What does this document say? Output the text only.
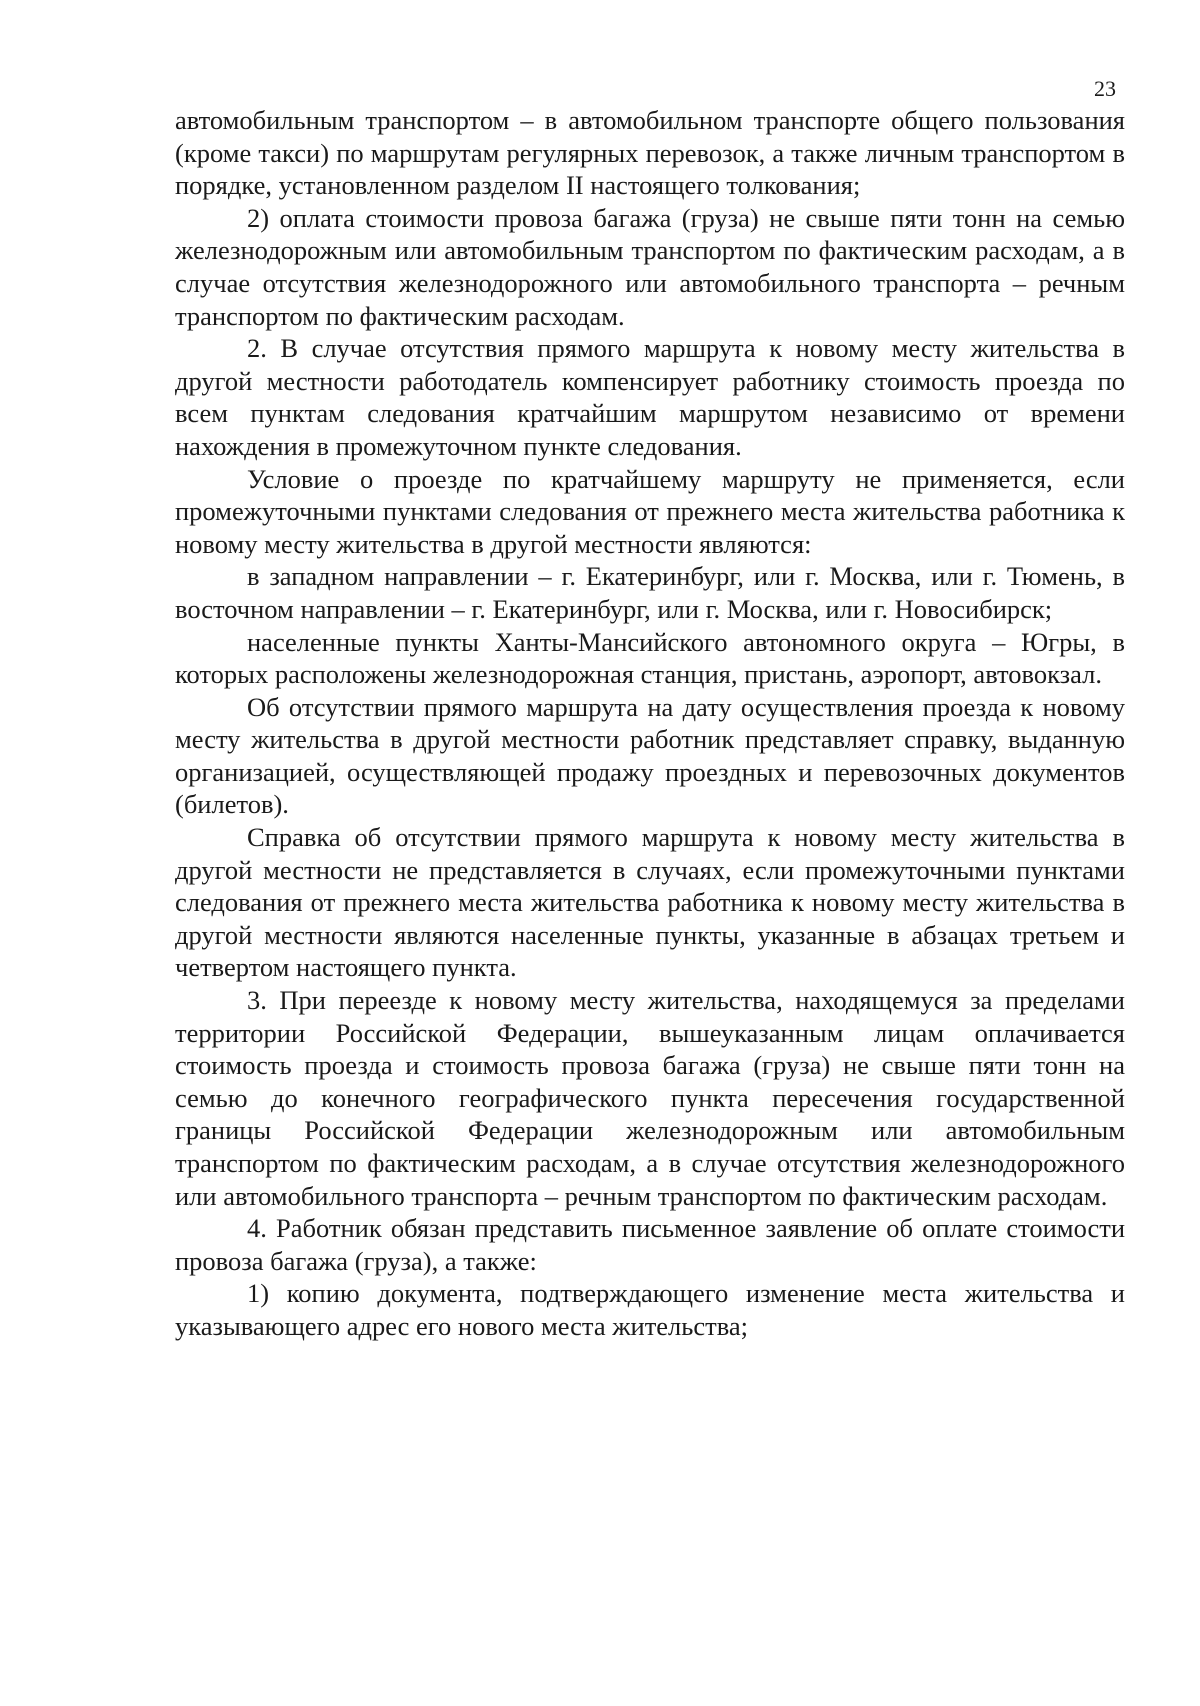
23

автомобильным транспортом – в автомобильном транспорте общего пользования (кроме такси) по маршрутам регулярных перевозок, а также личным транспортом в порядке, установленном разделом II настоящего толкования;

2) оплата стоимости провоза багажа (груза) не свыше пяти тонн на семью железнодорожным или автомобильным транспортом по фактическим расходам, а в случае отсутствия железнодорожного или автомобильного транспорта – речным транспортом по фактическим расходам.

2. В случае отсутствия прямого маршрута к новому месту жительства в другой местности работодатель компенсирует работнику стоимость проезда по всем пунктам следования кратчайшим маршрутом независимо от времени нахождения в промежуточном пункте следования.

Условие о проезде по кратчайшему маршруту не применяется, если промежуточными пунктами следования от прежнего места жительства работника к новому месту жительства в другой местности являются:

в западном направлении – г. Екатеринбург, или г. Москва, или г. Тюмень, в восточном направлении – г. Екатеринбург, или г. Москва, или г. Новосибирск;

населенные пункты Ханты-Мансийского автономного округа – Югры, в которых расположены железнодорожная станция, пристань, аэропорт, автовокзал.

Об отсутствии прямого маршрута на дату осуществления проезда к новому месту жительства в другой местности работник представляет справку, выданную организацией, осуществляющей продажу проездных и перевозочных документов (билетов).

Справка об отсутствии прямого маршрута к новому месту жительства в другой местности не представляется в случаях, если промежуточными пунктами следования от прежнего места жительства работника к новому месту жительства в другой местности являются населенные пункты, указанные в абзацах третьем и четвертом настоящего пункта.

3. При переезде к новому месту жительства, находящемуся за пределами территории Российской Федерации, вышеуказанным лицам оплачивается стоимость проезда и стоимость провоза багажа (груза) не свыше пяти тонн на семью до конечного географического пункта пересечения государственной границы Российской Федерации железнодорожным или автомобильным транспортом по фактическим расходам, а в случае отсутствия железнодорожного или автомобильного транспорта – речным транспортом по фактическим расходам.

4. Работник обязан представить письменное заявление об оплате стоимости провоза багажа (груза), а также:

1) копию документа, подтверждающего изменение места жительства и указывающего адрес его нового места жительства;
